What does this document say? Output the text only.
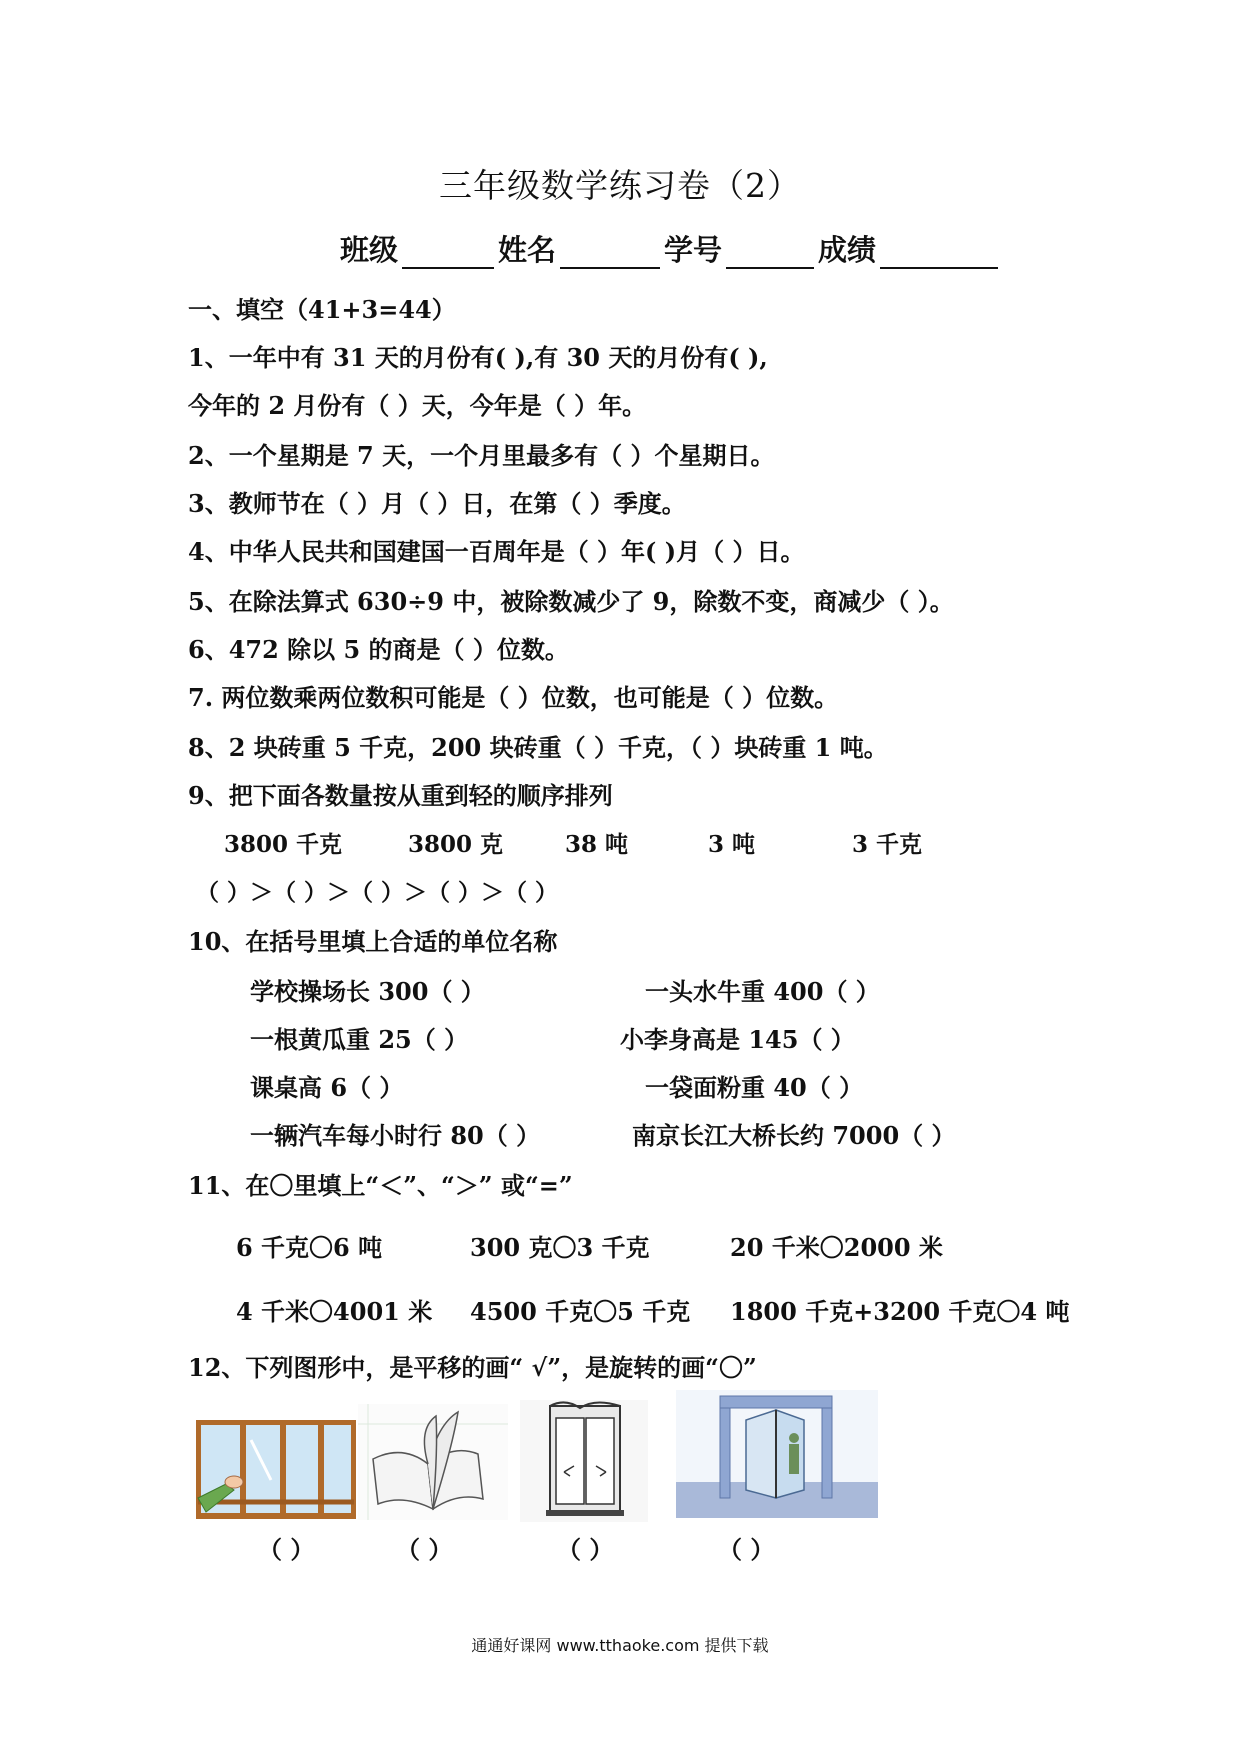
三年级数学练习卷（2）
班级	姓名	学号	成绩
一、填空（41+3=44）
1、一年中有 31 天的月份有( ),有 30 天的月份有( ),
今年的 2 月份有（ ）天，今年是（ ）年。
2、一个星期是 7 天，一个月里最多有（ ）个星期日。
3、教师节在（ ）月（ ）日，在第（ ）季度。
4、中华人民共和国建国一百周年是（ ）年( )月（ ）日。
5、在除法算式 630÷9 中，被除数减少了 9，除数不变，商减少（ ）。
6、472 除以 5 的商是（ ）位数。
7. 两位数乘两位数积可能是（ ）位数，也可能是（ ）位数。
8、2 块砖重 5 千克，200 块砖重（ ）千克，（ ）块砖重 1 吨。
9、把下面各数量按从重到轻的顺序排列
3800 千克	3800 克	38 吨	3 吨	3 千克
（ ）＞（ ）＞（ ）＞（ ）＞（ ）
10、在括号里填上合适的单位名称
学校操场长 300（ ）	一头水牛重 400（ ）
一根黄瓜重 25（ ）	小李身高是 145（ ）
课桌高 6（ ）	一袋面粉重 40（ ）
一辆汽车每小时行 80（ ）	南京长江大桥长约 7000（ ）
11、在〇里填上“＜”、“＞” 或“=”
6 千克〇6 吨	300 克〇3 千克	20 千米〇2000 米
4 千米〇4001 米 4500 千克〇5 千克 1800 千克+3200 千克〇4 吨
12、下列图形中，是平移的画“ √”，是旋转的画“〇”
（ ）	（ ）	（ ）	（ ）
通通好课网 www.tthaoke.com 提供下载
